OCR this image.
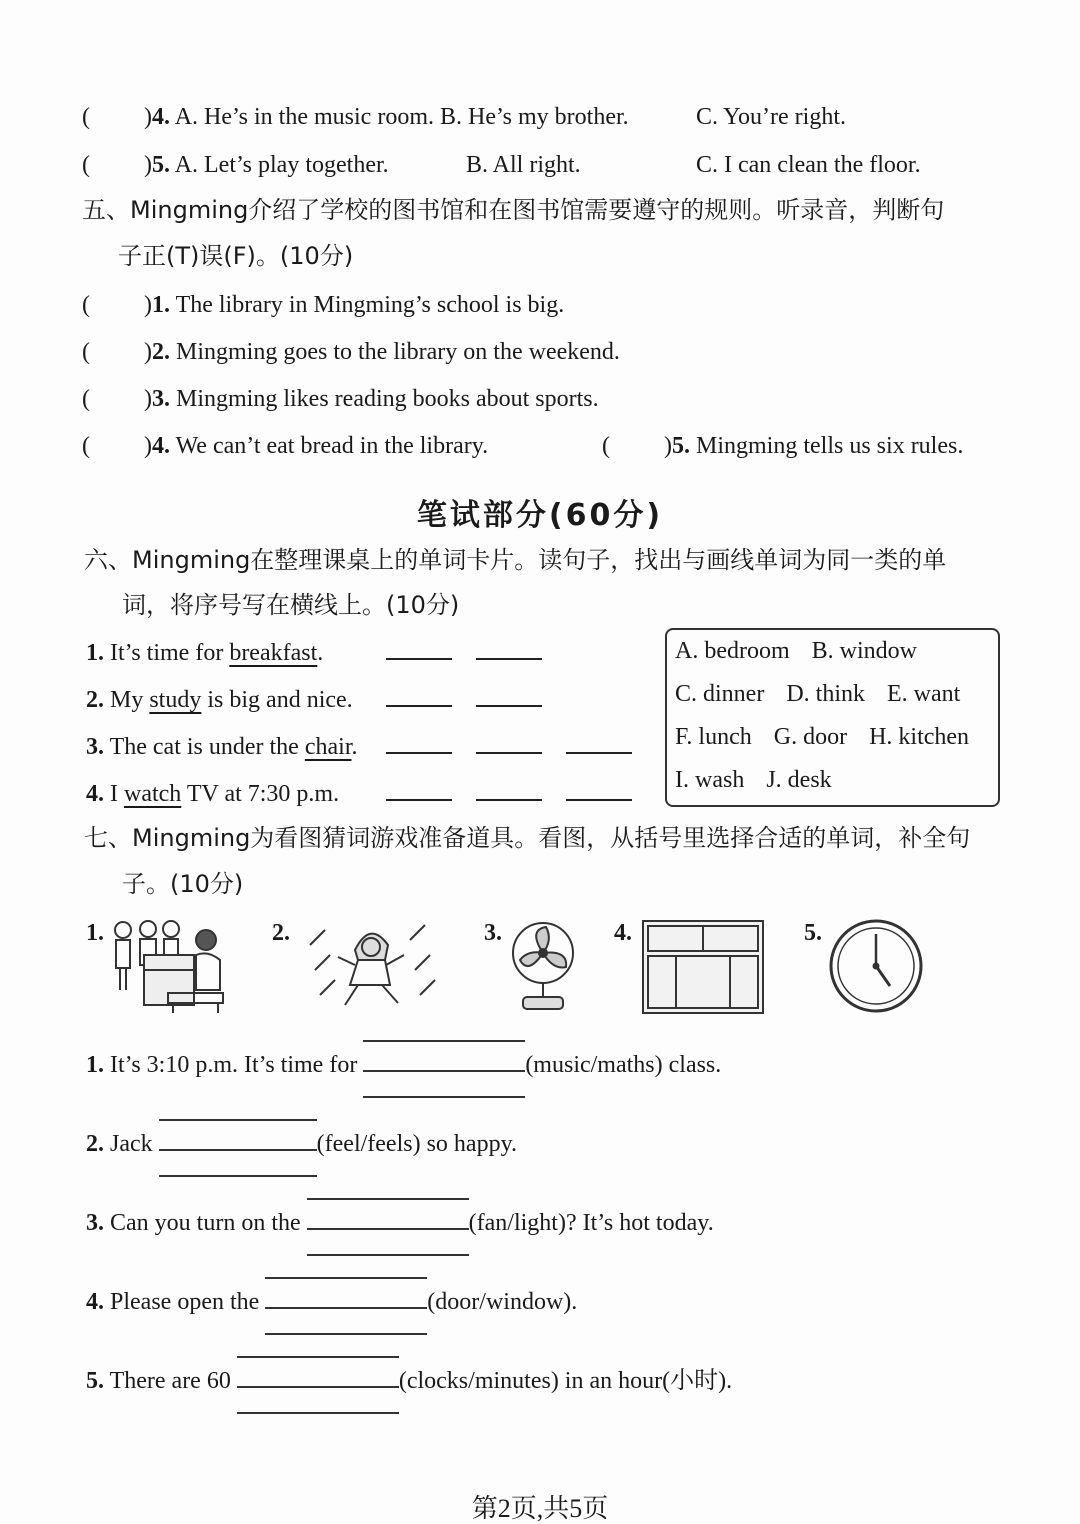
( )4. A. He’s in the music room. B. He’s my brother.	C. You’re right.
( )5. A. Let’s play together.	B. All right.	C. I can clean the floor.
五、Mingming介绍了学校的图书馆和在图书馆需要遵守的规则。听录音，判断句
子正(T)误(F)。(10分)
( )1. The library in Mingming’s school is big.
( )2. Mingming goes to the library on the weekend.
( )3. Mingming likes reading books about sports.
( )4. We can’t eat bread in the library.	( )5. Mingming tells us six rules.
笔试部分(60分)
六、Mingming在整理课桌上的单词卡片。读句子，找出与画线单词为同一类的单
词，将序号写在横线上。(10分)
1. It’s time for breakfast.
2. My study is big and nice.
3. The cat is under the chair.
4. I watch TV at 7:30 p.m.
A. bedroom B. window
C. dinner D. think E. want
F. lunch G. door H. kitchen
I. wash J. desk
七、Mingming为看图猜词游戏准备道具。看图，从括号里选择合适的单词，补全句
子。(10分)
1.	2.	3.	4.	5.
1. It’s 3:10 p.m. It’s time for	(music/maths) class.
2. Jack	(feel/feels) so happy.
3. Can you turn on the	(fan/light)? It’s hot today.
4. Please open the	(door/window).
5. There are 60	(clocks/minutes) in an hour(小时).
第2页,共5页
